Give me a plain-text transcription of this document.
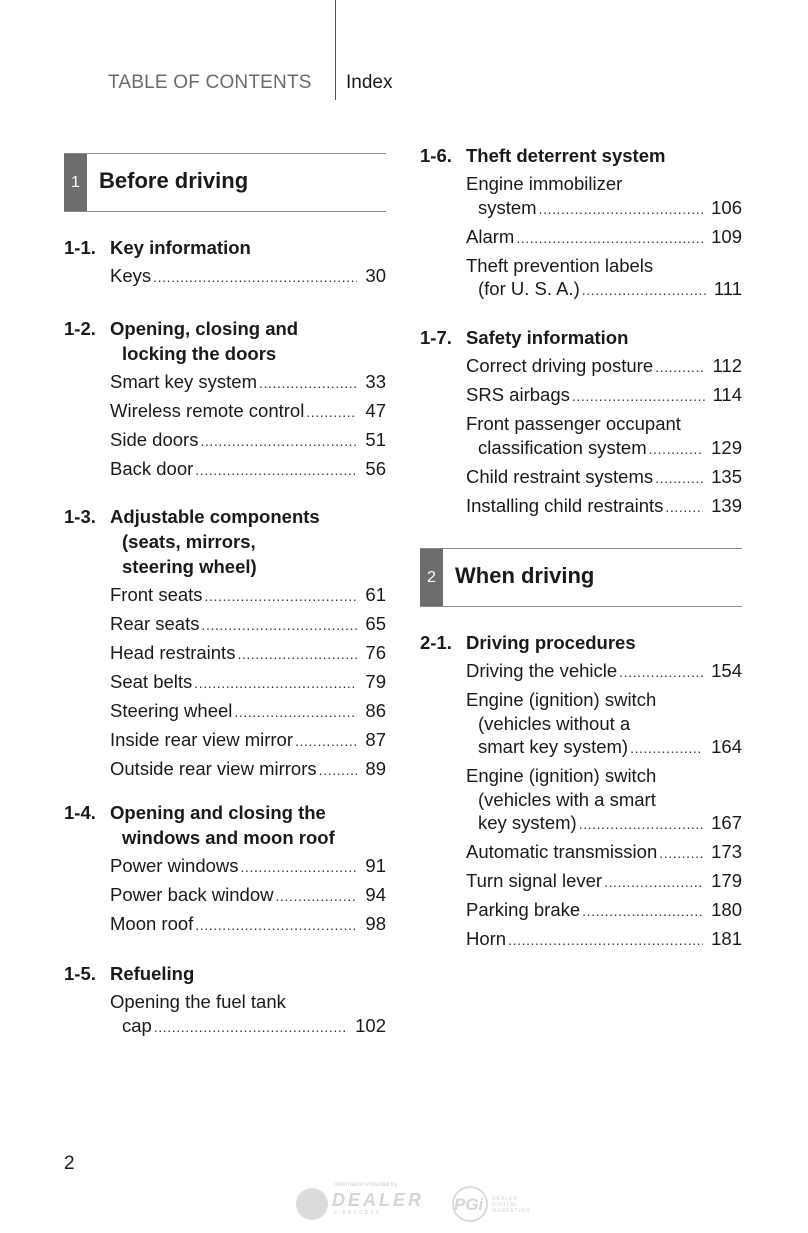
TABLE OF CONTENTS Index
1 Before driving
1-1. Key information
Keys .....	30
1-2. Opening, closing and

locking the doors
Smart key system .....	33
Wireless remote control .....	47
Side doors .....	51
Back door .....	56
1-3. Adjustable components

(seats, mirrors,
steering wheel)
Front seats .....	61
Rear seats .....	65
Head restraints .....	76
Seat belts .....	79
Steering wheel .....	86
Inside rear view mirror .....	87
Outside rear view mirrors .....	89
1-4. Opening and closing the

windows and moon roof
Power windows .....	91
Power back window .....	94
Moon roof .....	98
1-5. Refueling
Opening the fuel tank
cap .....	102
1-6. Theft deterrent system
Engine immobilizer
system .....	106
Alarm .....	109
Theft prevention labels
(for U. S. A.) .....	111
1-7. Safety information
Correct driving posture .....	112
SRS airbags .....	114
Front passenger occupant
classification system .....	129
Child restraint systems .....	135
Installing child restraints .....	139
2 When driving
2-1. Driving procedures
Driving the vehicle .....	154
Engine (ignition) switch
(vehicles without a
smart key system) .....	164
Engine (ignition) switch
(vehicles with a smart
key system) .....	167
Automatic transmission .....	173
Turn signal lever .....	179
Parking brake .....	180
Horn .....	181
2
Information Provided by
DEALER
e-PROCESS	PGi DEALER
DIGITAL
MARKETING
